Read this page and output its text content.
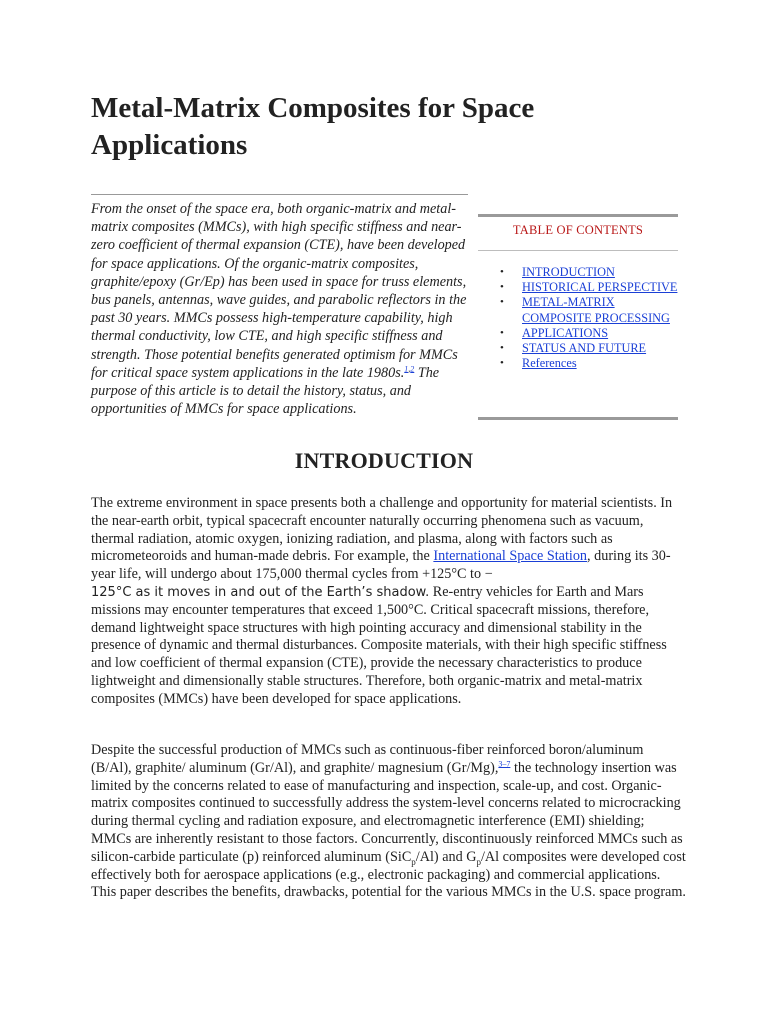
Metal-Matrix Composites for Space Applications

From the onset of the space era, both organic-matrix and metal-matrix composites (MMCs), with high specific stiffness and near-zero coefficient of thermal expansion (CTE), have been developed for space applications. Of the organic-matrix composites, graphite/epoxy (Gr/Ep) has been used in space for truss elements, bus panels, antennas, wave guides, and parabolic reflectors in the past 30 years. MMCs possess high-temperature capability, high thermal conductivity, low CTE, and high specific stiffness and strength. Those potential benefits generated optimism for MMCs for critical space system applications in the late 1980s.$^{1,2}$ The purpose of this article is to detail the history, status, and opportunities of MMCs for space applications.

TABLE OF CONTENTS

• INTRODUCTION
• HISTORICAL PERSPECTIVE
• METAL-MATRIX COMPOSITE PROCESSING
• APPLICATIONS
• STATUS AND FUTURE
• References
INTRODUCTION

The extreme environment in space presents both a challenge and opportunity for material scientists. In the near-earth orbit, typical spacecraft encounter naturally occurring phenomena such as vacuum, thermal radiation, atomic oxygen, ionizing radiation, and plasma, along with factors such as micrometeoroids and human-made debris. For example, the International Space Station, during its 30-year life, will undergo about 175,000 thermal cycles from +125°C to −
125°C as it moves in and out of the Earth’s shadow. Re-entry vehicles for Earth and Mars missions may encounter temperatures that exceed 1,500°C. Critical spacecraft missions, therefore, demand lightweight space structures with high pointing accuracy and dimensional stability in the presence of dynamic and thermal disturbances. Composite materials, with their high specific stiffness and low coefficient of thermal expansion (CTE), provide the necessary characteristics to produce lightweight and dimensionally stable structures. Therefore, both organic-matrix and metal-matrix composites (MMCs) have been developed for space applications.

Despite the successful production of MMCs such as continuous-fiber reinforced boron/aluminum (B/Al), graphite/ aluminum (Gr/Al), and graphite/ magnesium (Gr/Mg),$^{3-7}$ the technology insertion was limited by the concerns related to ease of manufacturing and inspection, scale-up, and cost. Organic-matrix composites continued to successfully address the system-level concerns related to microcracking during thermal cycling and radiation exposure, and electromagnetic interference (EMI) shielding; MMCs are inherently resistant to those factors. Concurrently, discontinuously reinforced MMCs such as silicon-carbide particulate (p) reinforced aluminum (SiC$_p$/Al) and $G_p/Al$ composites were developed cost effectively both for aerospace applications (e.g., electronic packaging) and commercial applications. This paper describes the benefits, drawbacks, potential for the various MMCs in the U.S. space program.
